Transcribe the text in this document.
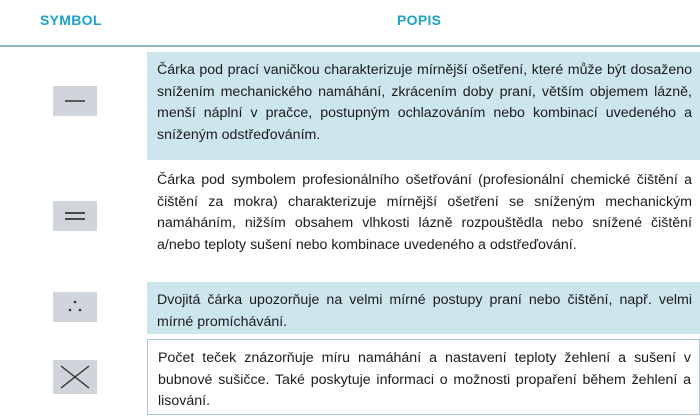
SYMBOL	POPIS
Čárka pod prací vaničkou charakterizuje mírnější ošetření, které může být dosaženo snížením mechanického namáhání, zkrácením doby praní, větším objemem lázně, menší náplní v pračce, postupným ochlazováním nebo kombinací uvedeného a sníženým odstřeďováním.
Čárka pod symbolem profesionálního ošetřování (profesionální chemické čištění a čištění za mokra) charakterizuje mírnější ošetření se sníženým mechanickým namáháním, nižším obsahem vlhkosti lázně rozpouštědla nebo snížené čištění a/nebo teploty sušení nebo kombinace uvedeného a odstřeďování.
Dvojitá čárka upozorňuje na velmi mírné postupy praní nebo čištění, např. velmi mírné promíchávání.
Počet teček znázorňuje míru namáhání a nastavení teploty žehlení a sušení v bubnové sušičce. Také poskytuje informaci o možnosti propaření během žehlení a lisování.
